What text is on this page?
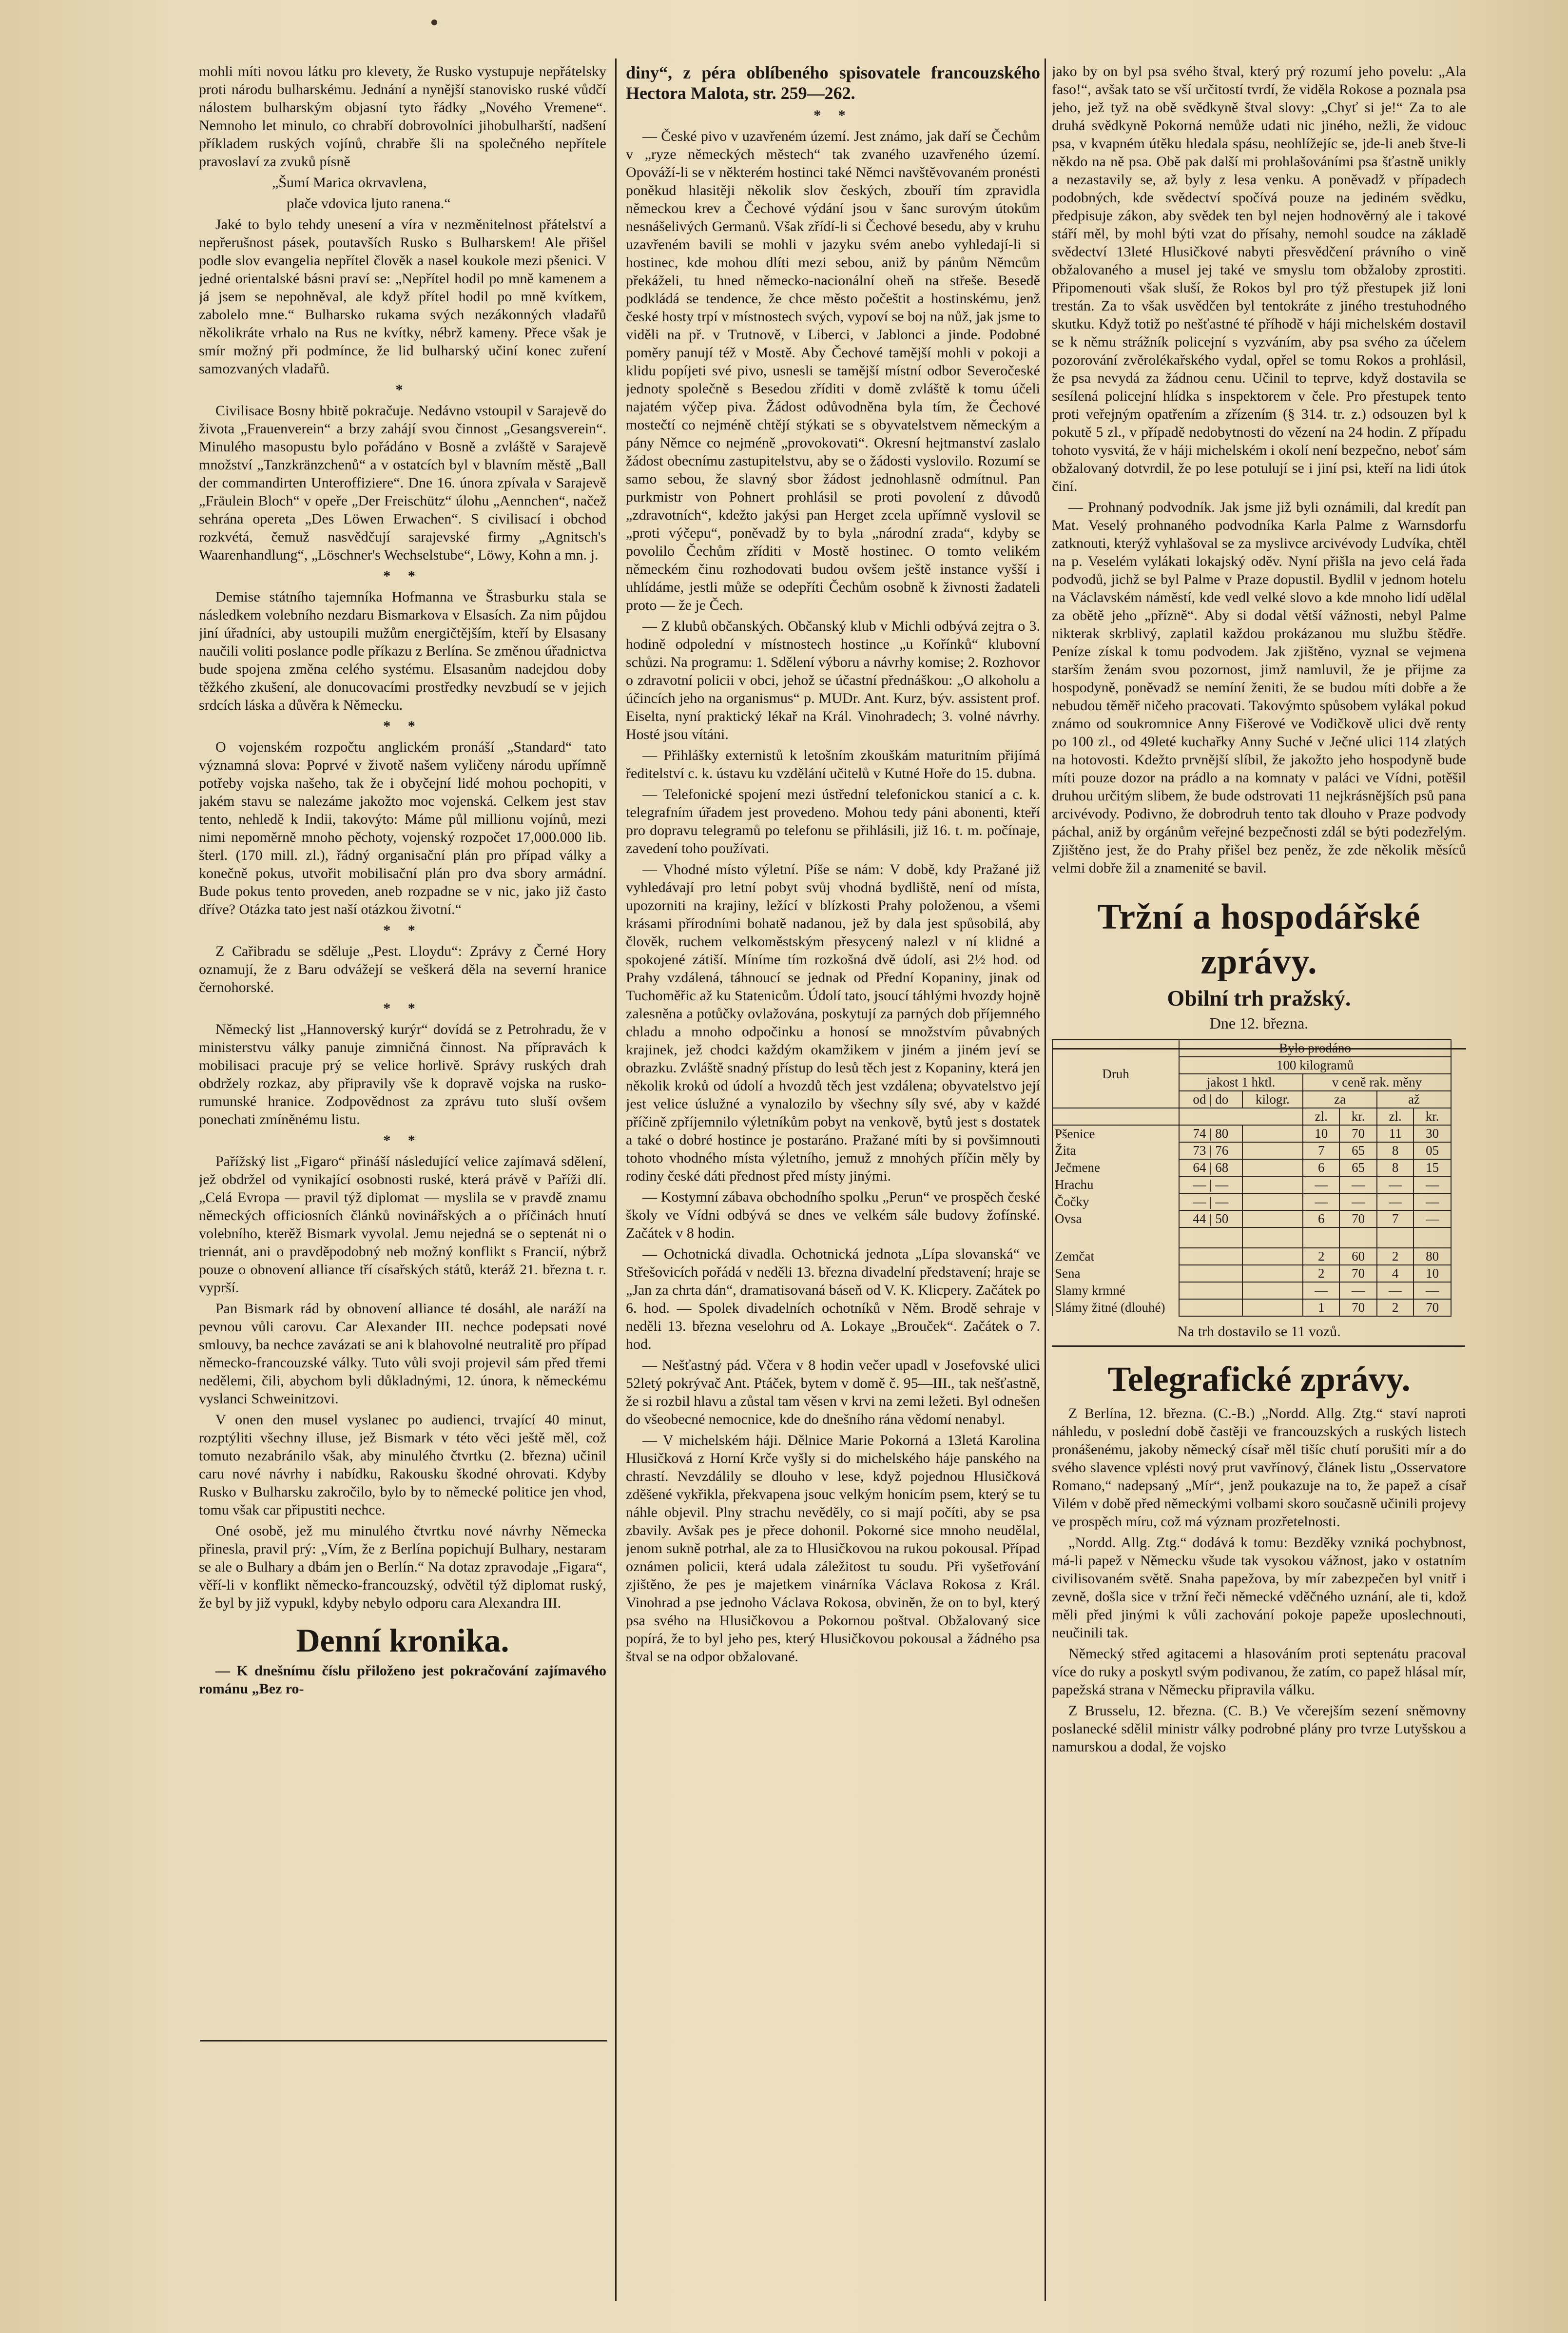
mohli míti novou látku pro klevety, že Rusko vystupuje nepřátelsky proti národu bulharskému. Jednání a nynější stanovisko ruské vůdčí nálostem bulharským objasní tyto řádky „Nového Vremene“. Nemnoho let minulo, co chrabří dobrovolníci jihobulharští, nadšení příkladem ruských vojínů, chrabře šli na společného nepřítele pravoslaví za zvuků písně

„Šumí Marica okrvavlena,

plače vdovica ljuto ranena.“

Jaké to bylo tehdy unesení a víra v nezměnitelnost přátelství a nepřerušnost pásek, poutavších Rusko s Bulharskem! Ale přišel podle slov evangelia nepřítel člověk a nasel koukole mezi pšenici. V jedné orientalské básni praví se: „Nepřítel hodil po mně kamenem a já jsem se nepohněval, ale když přítel hodil po mně kvítkem, zabolelo mne.“ Bulharsko rukama svých nezákonných vladařů několikráte vrhalo na Rus ne kvítky, nébrž kameny. Přece však je smír možný při podmínce, že lid bulharský učiní konec zuření samozvaných vladařů.

*

Civilisace Bosny hbitě pokračuje. Nedávno vstoupil v Sarajevě do života „Frauenverein“ a brzy zahájí svou činnost „Gesangsverein“. Minulého masopustu bylo pořádáno v Bosně a zvláště v Sarajevě množství „Tanzkränzchenů“ a v ostatcích byl v blavním městě „Ball der commandirten Unteroffiziere“. Dne 16. února zpívala v Sarajevě „Fräulein Bloch“ v opeře „Der Freischütz“ úlohu „Aennchen“, načež sehrána opereta „Des Löwen Erwachen“. S civilisací i obchod rozkvétá, čemuž nasvědčují sarajevské firmy „Agnitsch's Waarenhandlung“, „Löschner's Wechselstube“, Löwy, Kohn a mn. j.

* *

Demise státního tajemníka Hofmanna ve Štrasburku stala se následkem volebního nezdaru Bismarkova v Elsasích. Za nim půjdou jiní úřadníci, aby ustoupili mužům energičtějším, kteří by Elsasany naučili voliti poslance podle příkazu z Berlína. Se změnou úřadnictva bude spojena změna celého systému. Elsasanům nadejdou doby těžkého zkušení, ale donucovacími prostředky nevzbudí se v jejich srdcích láska a důvěra k Německu.

* *

O vojenském rozpočtu anglickém pronáší „Standard“ tato významná slova: Poprvé v životě našem vyličeny národu upřímně potřeby vojska našeho, tak že i obyčejní lidé mohou pochopiti, v jakém stavu se nalezáme jakožto moc vojenská. Celkem jest stav tentо, nehledě k Indii, takovýto: Máme půl millionu vojínů, mezi nimi nepoměrně mnoho pěchoty, vojenský rozpočet 17,000.000 lib. šterl. (170 mill. zl.), řádný organisační plán pro případ války a konečně pokus, utvořit mobilisační plán pro dva sbory armádní. Bude pokus tento proveden, aneb rozpadne se v nic, jako již častо dříve? Otázka tato jest naší otázkou životní.“

* *

Z Cařibradu se sděluje „Pest. Lloydu“: Zprávy z Černé Hory oznamují, že z Baru odvážejí se veškerá děla na severní hranice černohorské.

* *

Německý list „Hannoverský kurýr“ dovídá se z Petrohradu, že v ministerstvu války panuje zimničná činnost. Na přípravách k mobilisaci pracuje prý se velice horlivě. Správy ruských drah obdržely rozkaz, aby připravily vše k dopravě vojska na rusko-rumunské hranice. Zodpovědnost za zprávu tuto sluší ovšem ponechati zmíněnému listu.

* *

Pařížský list „Figaro“ přináší následující velice zajímavá sdělení, jež obdržel od vynikající osobnosti ruské, která právě v Paříži dlí. „Celá Evropa — pravil týž diplomat — myslila se v pravdě znamu německých officiosních článků novinářských a o příčinách hnutí volebního, kterěž Bismark vyvolal. Jemu nejedná se o septenát ni o triennát, ani o pravděpodobný neb možný konflikt s Francií, nýbrž pouze o obnovení alliance tří císařských států, kteráž 21. března t. r. vyprší.

Pan Bismark rád by obnovení alliance té dosáhl, ale naráží na pevnou vůli carovu. Car Alexander III. nechce podepsati nové smlouvy, ba nechce zavázati se ani k blahovolné neutralitě pro případ německo-francouzské války. Tuto vůli svoji projevil sám před třemi nedělemi, čili, abychom byli důkladnými, 12. února, k německému vyslanci Schweinitzovi.

V onen den musel vyslanec po audienci, trvající 40 minut, rozptýliti všechny illuse, jež Bismark v této věci ještě měl, což tomuto nezabránilo však, aby minulého čtvrtku (2. března) učinil caru nové návrhy i nabídku, Rakousku škodné ohrovati. Kdyby Rusko v Bulharsku zakročilo, bylo by to německé politice jen vhod, tomu však car připustiti nechce.

Oné osobě, jež mu minulého čtvrtku nové návrhy Německa přinesla, pravil prý: „Vím, že z Berlína popichují Bulhary, nestaram se ale o Bulhary a dbám jen o Berlín.“ Na dotaz zpravodaje „Figara“, věří-li v konflikt německo-francouzský, odvětil týž diplomat ruský, že byl by již vypukl, kdyby nebylo odporu cara Alexandra III.

Denní kronika.

— K dnešnímu číslu přiloženo jest pokračování zajímavého románu „Bez ro-

diny“, z péra oblíbeného spisovatele francouzského Hectora Malota, str. 259—262.

* *

— České pivo v uzavřeném území. Jest známo, jak daří se Čechům v „ryze německých městech“ tak zvaného uzavřeného území. Opováží-li se v některém hostinci také Němci navštěvovaném pronésti poněkud hlasitěji několik slov českých, zbouří tím zpravidla německou krev a Čechové výdání jsou v šanc surovým útokům nesnášelivých Germanů. Však zřídí-li si Čechové besedu, aby v kruhu uzavřeném bavili se mohli v jazyku svém anebo vyhledají-li si hostinec, kde mohou dlíti mezi sebou, aniž by pánům Němcům překáželi, tu hned německo-nacionální oheň na střeše. Besedě podkládá se tendence, že chce město počeštit a hostinskému, jenž české hosty trpí v místnostech svých, vypoví se boj na nůž, jak jsme to viděli na př. v Trutnově, v Liberci, v Jablonci a jinde. Podobné poměry panují též v Mostě. Aby Čechové tamější mohli v pokoji a klidu popíjeti své pivo, usnesli se tamější místní odbor Severočeské jednoty společně s Besedou zříditi v domě zvláště k tomu účeli najatém výčep piva. Žádost odůvodněna byla tím, že Čechové mostečtí co nejméně chtějí stýkati se s obyvatelstvem německým a pány Němce co nejméně „provokovati“. Okresní hejtmanství zaslalo žádost obecnímu zastupitelstvu, aby se o žádosti vyslovilo. Rozumí se samo sebou, že slavný sbor žádost jednohlasně odmítnul. Pan purkmistr von Pohnert prohlásil se proti povolení z důvodů „zdravotních“, kdežto jakýsi pan Herget zcela upřímně vyslovil se „proti výčepu“, poněvadž by to byla „národní zrada“, kdyby se povolilo Čechům zříditi v Mostě hostinec. O tomto velikém německém činu rozhodovati budou ovšem ještě instance vyšší i uhlídáme, jestli může se odepříti Čechům osobně k živnosti žadateli proto — že je Čech.

— Z klubů občanských. Občanský klub v Michli odbývá zejtra o 3. hodině odpolední v místnostech hostince „u Kořínků“ klubovní schůzi. Na programu: 1. Sdělení výboru a návrhy komise; 2. Rozhovor o zdravotní policii v obci, jehož se účastní přednáškou: „O alkoholu a účincích jeho na organismus“ p. MUDr. Ant. Kurz, býv. assistent prof. Eiselta, nyní praktický lékař na Král. Vinohradech; 3. volné návrhy. Hosté jsou vítáni.

— Přihlášky externistů k letošním zkouškám maturitním přijímá ředitelství c. k. ústavu ku vzdělání učitelů v Kutné Hoře do 15. dubna.

— Telefonické spojení mezi ústřední telefonickou stanicí a c. k. telegrafním úřadem jest provedeno. Mohou tedy páni abonenti, kteří pro dopravu telegramů po telefonu se přihlásili, již 16. t. m. počínaje, zavedení toho používati.

— Vhodné místo výletní. Píše se nám: V době, kdy Pražané již vyhledávají pro letní pobyt svůj vhodná bydliště, není od místa, upozorniti na krajiny, ležící v blízkosti Prahy položenou, a všemi krásami přírodními bohatě nadanou, jež by dala jest spůsobilá, aby člověk, ruchem velkoměstským přesycený nalezl v ní klidné a spokojené zátiší. Míníme tím rozkošná dvě údolí, asi 2½ hod. od Prahy vzdálená, táhnoucí se jednak od Přední Kopaniny, jinak od Tuchoměřic až ku Statenicům. Údolí tato, jsoucí táhlými hvozdy hojně zalesněna a potůčky ovlažována, poskytují za parných dob příjemného chladu a mnoho odpočinku a honosí se množstvím půvabných krajinek, jež chodci každým okamžikem v jiném a jiném jeví se obrazku. Zvláště snadný přístup do lesů těch jest z Kopaniny, která jen několik kroků od údolí a hvozdů těch jest vzdálena; obyvatelstvo její jest velice úslužné a vynalozilo by všechny síly své, aby v každé příčině zpříjemnilo výletníkům pobyt na venkově, bytů jest s dostatek a také o dobré hostince je postaráno. Pražané míti by si povšimnouti tohoto vhodného místa výletního, jemuž z mnohých příčin měly by rodiny české dáti přednost před místy jinými.

— Kostymní zábava obchodního spolku „Perun“ ve prospěch české školy ve Vídni odbývá se dnes ve velkém sále budovy žofínské. Začátek v 8 hodin.

— Ochotnická divadla. Ochotnická jednota „Lípa slovanská“ ve Střešovicích pořádá v neděli 13. března divadelní představení; hraje se „Jan za chrta dán“, dramatisovaná báseň od V. K. Klicpery. Začátek po 6. hod. — Spolek divadelních ochotníků v Něm. Brodě sehraje v neděli 13. března veselohru od A. Lokaye „Brouček“. Začátek o 7. hod.

— Nešťastný pád. Včera v 8 hodin večer upadl v Josefovské ulici 52letý pokrývač Ant. Ptáček, bytem v domě č. 95—III., tak nešťastně, že si rozbil hlavu a zůstal tam věsen v krvi na zemi ležeti. Byl odnešen do všeobecné nemocnice, kde do dnešního rána vědomí nenabyl.

— V michelském háji. Dělnice Marie Pokorná a 13letá Karolina Hlusičková z Horní Krče vyšly si do michelského háje panského na chrastí. Nevzdálily se dlouho v lese, když pojednou Hlusičková zděšené vykřikla, překvapena jsouc velkým honicím psem, který se tu náhle objevil. Plny strachu nevěděly, co si mají počíti, aby se psa zbavily. Avšak pes je přece dohonil. Pokorné sice mnoho neudělal, jenom sukně potrhal, ale za to Hlusičkovou na rukou pokousal. Případ oznámen policii, která udala záležitost tu soudu. Při vyšetřování zjištěno, že pes je majetkem vinárníka Václava Rokosa z Král. Vinohrad a pse jednoho Václava Rokosa, obviněn, že on to byl, který psa svého na Hlusičkovou a Pokornou poštval. Obžalovaný sice popírá, že to byl jeho pes, který Hlusičkovou pokousal a žádného psa štval se na odpor obžalované.

jako by on byl psa svého štval, který prý rozumí jeho povelu: „Ala faso!“, avšak tato se vší určitostí tvrdí, že viděla Rokose a poznala psa jeho, jež tyž na obě svědkyně štval slovy: „Chyť si je!“ Za to ale druhá svědkyně Pokorná nemůže udati nic jiného, nežli, že vidouc psa, v kvapném útěku hledala spásu, neohlížejíc se, jde-li aneb štve-li někdo na ně psa. Obě pak další mi prohlašováními psa šťastně unikly a nezastavily se, až byly z lesa venku. A poněvadž v případech podobných, kde svědectví spočívá pouze na jediném svědku, předpisuje zákon, aby svědek ten byl nejen hodnověrný ale i takové stáří měl, by mohl býti vzat do přísahy, nemohl soudce na základě svědectví 13leté Hlusičkové nabyti přesvědčení právního o vině obžalovaného a musel jej také ve smyslu tom obžaloby zprostiti. Připomenouti však sluší, že Rokos byl pro týž přestupek již loni trestán. Za to však usvědčen byl tentokráte z jiného trestuhodného skutku. Když totiž po nešťastné té příhodě v háji michelském dostavil se k němu strážník policejní s vyzváním, aby psa svého za účelem pozorování zvěrolékařského vydal, opřel se tomu Rokos a prohlásil, že psa nevydá za žádnou cenu. Učinil to teprve, když dostavila se sesílená policejní hlídka s inspektorem v čele. Pro přestupek tento proti veřejným opatřením a zřízením (§ 314. tr. z.) odsouzen byl k pokutě 5 zl., v případě nedobytnosti do vězení na 24 hodin. Z případu tohoto vysvitá, že v háji michelském i okolí není bezpečno, neboť sám obžalovaný dotvrdil, že po lese potulují se i jiní psi, kteří na lidi útok činí.

— Prohnaný podvodník. Jak jsme již byli oznámili, dal kredít pan Mat. Veselý prohnaného podvodníka Karla Palme z Warnsdorfu zatknouti, kterýž vyhlašoval se za myslivce arcivévody Ludvíka, chtěl na p. Veselém vylákati lokajský oděv. Nyní přišla na jevo celá řada podvodů, jichž se byl Palme v Praze dopustil. Bydlil v jednom hotelu na Václavském náměstí, kde vedl velké slovo a kde mnoho lidí udělal za obětě jeho „přízně“. Aby si dodal větší vážnosti, nebyl Palme nikterak skrblivý, zaplatil každou prokázanou mu službu štědře. Peníze získal k tomu podvodem. Jak zjištěno, vyznal se vejmena starším ženám svou pozornost, jimž namluvil, že je přijme za hospodyně, poněvadž se nemíní ženiti, že se budou míti dobře a že nebudou těměř ničeho pracovati. Takovýmto spůsobem vylákal pokud známo od soukromnice Anny Fišerové ve Vodičkově ulici dvě renty po 100 zl., od 49leté kuchařky Anny Suché v Ječné ulici 114 zlatých na hotovosti. Kdežto prvnější slíbil, že jakožto jeho hospodyně bude míti pouze dozor na prádlo a na komnaty v paláci ve Vídni, potěšil druhou určitým slibem, že bude odstrovati 11 nejkrásnějších psů pana arcivévody. Podivno, že dobrodruh tento tak dlouho v Praze podvody páchal, aniž by orgánům veřejné bezpečnosti zdál se býti podezřelým. Zjištěno jest, že do Prahy přišel bez peněz, že zde několik měsíců velmi dobře žil a znamenité se bavil.

Tržní a hospodářské zprávy.
Obilní trh pražský.
Dne 12. března.
Druh	Bylo prodáno					
	100 kilogramů					
	jakost 1 hktl.		v ceně rak. měny			
	od | do	kilogr.	za		až	
			zl.	kr.	zl.	kr.
Pšenice	74 | 80		10	70	11	30
Žita	73 | 76		7	65	8	05
Ječmene	64 | 68		6	65	8	15
Hrachu	— | —		—	—	—	—
Čočky	— | —		—	—	—	—
Ovsa	44 | 50		6	70	7	—

Zemčat			2	60	2	80
Sena			2	70	4	10
Slamy krmné			—	—	—	—
Slámy žitné (dlouhé)			1	70	2	70
Na trh dostavilo se 11 vozů.
Telegrafické zprávy.

Z Berlína, 12. března. (C.-B.) „Nordd. Allg. Ztg.“ staví naproti náhledu, v poslední době častěji ve francouzských a ruských listech pronášenému, jakoby německý císař měl tišíc chutí porušiti mír a do svého slavence vplésti nový prut vavřínový, článek listu „Osservatore Romano,“ nadepsaný „Mír“, jenž poukazuje na to, že papež a císař Vilém v době před německými volbami skoro současně učinili projevy ve prospěch míru, což má význam prozřetelnosti.

„Nordd. Allg. Ztg.“ dodává k tomu: Bezděky vzniká pochybnost, má-li papež v Německu všude tak vysokou vážnost, jako v ostatním civilisovaném světě. Snaha papežova, by mír zabezpečen byl vnitř i zevně, došla sice v tržní řeči německé vděčného uznání, ale ti, kdož měli před jinými k vůli zachování pokoje papeže uposlechnouti, neučinili tak.

Německý střed agitacemi a hlasováním proti septenátu pracoval více do ruky a poskytl svým podivanou, že zatím, co papež hlásal mír, papežská strana v Německu připravila válku.

Z Brusselu, 12. března. (C. B.) Ve včerejším sezení sněmovny poslanecké sdělil ministr války podrobné plány pro tvrze Lutyšskou a namurskou a dodal, že vojsko
